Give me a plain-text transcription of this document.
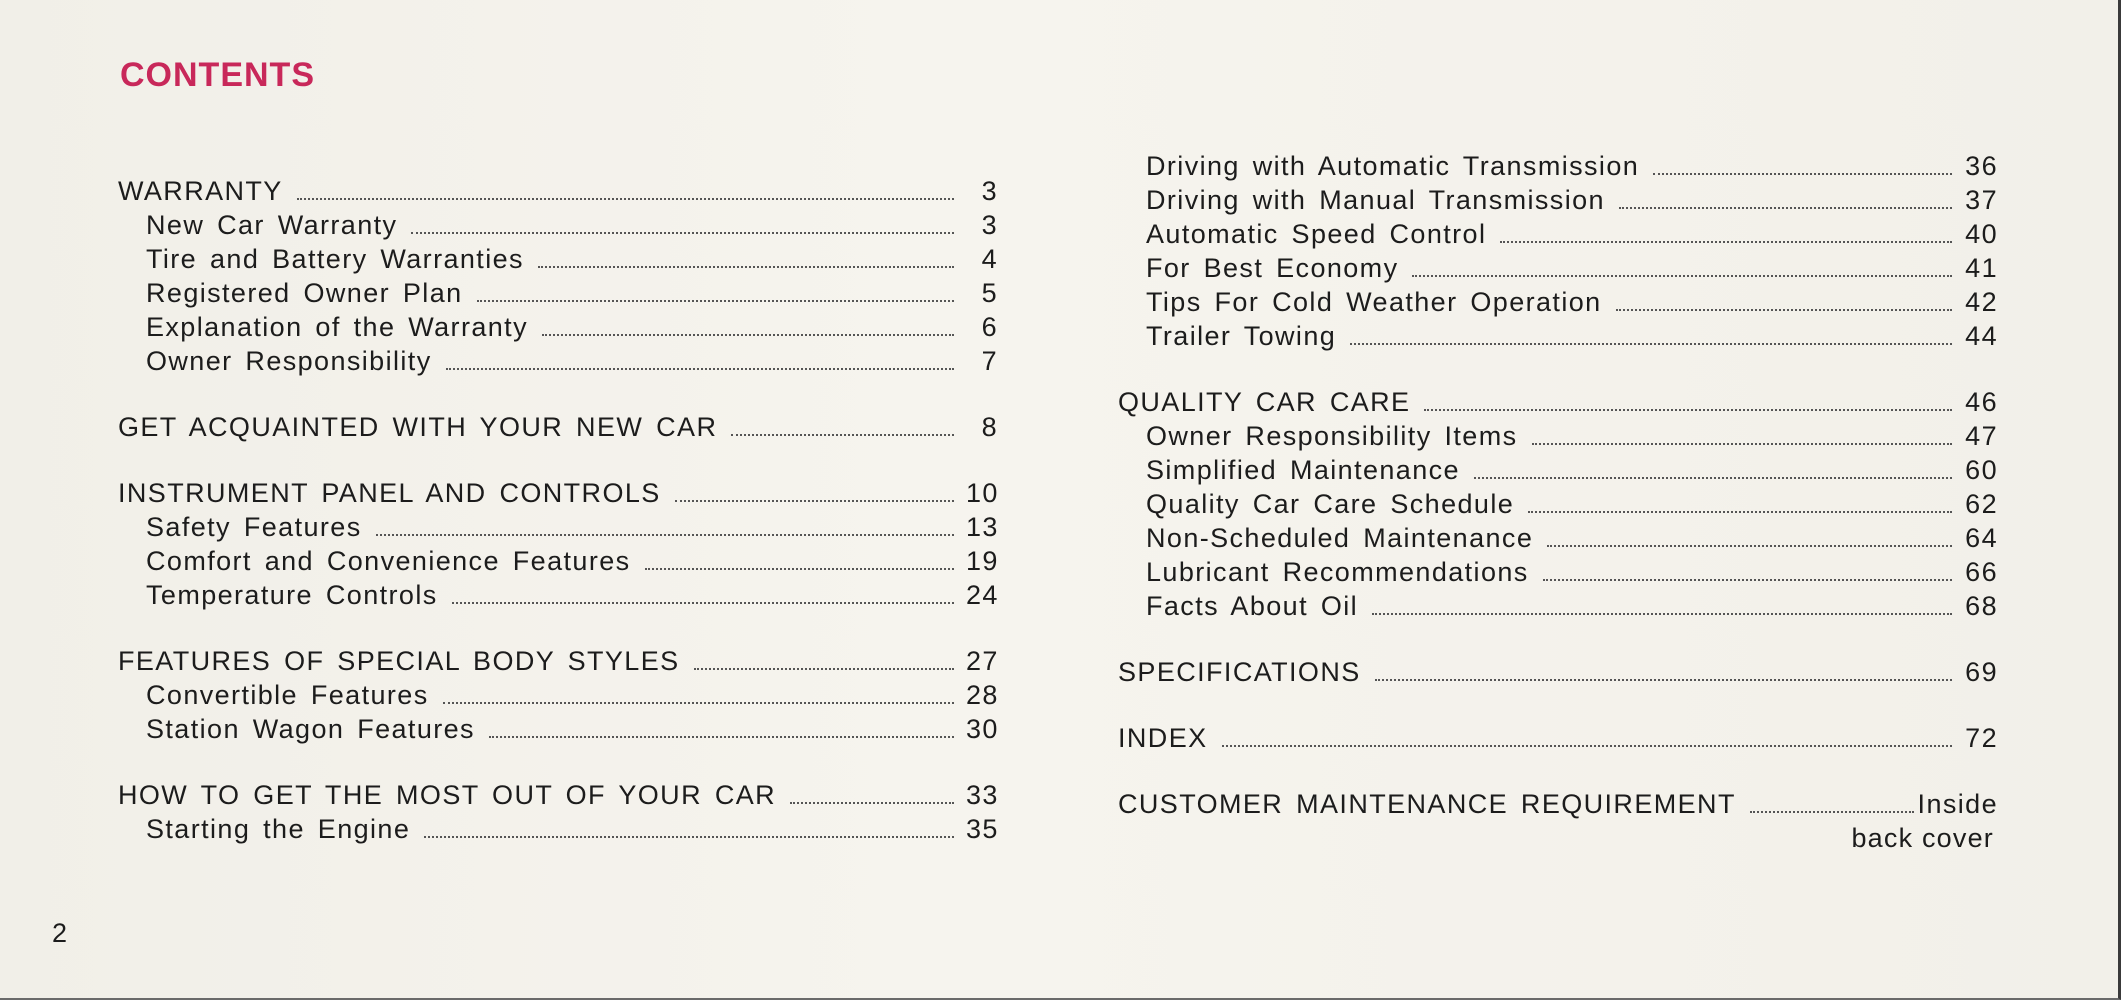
CONTENTS
WARRANTY	3
New Car Warranty	3
Tire and Battery Warranties	4
Registered Owner Plan	5
Explanation of the Warranty	6
Owner Responsibility	7
GET ACQUAINTED WITH YOUR NEW CAR	8
INSTRUMENT PANEL AND CONTROLS	10
Safety Features	13
Comfort and Convenience Features	19
Temperature Controls	24
FEATURES OF SPECIAL BODY STYLES	27
Convertible Features	28
Station Wagon Features	30
HOW TO GET THE MOST OUT OF YOUR CAR	33
Starting the Engine	35
Driving with Automatic Transmission	36
Driving with Manual Transmission	37
Automatic Speed Control	40
For Best Economy	41
Tips For Cold Weather Operation	42
Trailer Towing	44
QUALITY CAR CARE	46
Owner Responsibility Items	47
Simplified Maintenance	60
Quality Car Care Schedule	62
Non-Scheduled Maintenance	64
Lubricant Recommendations	66
Facts About Oil	68
SPECIFICATIONS	69
INDEX	72
CUSTOMER MAINTENANCE REQUIREMENT	Inside
back cover
2
